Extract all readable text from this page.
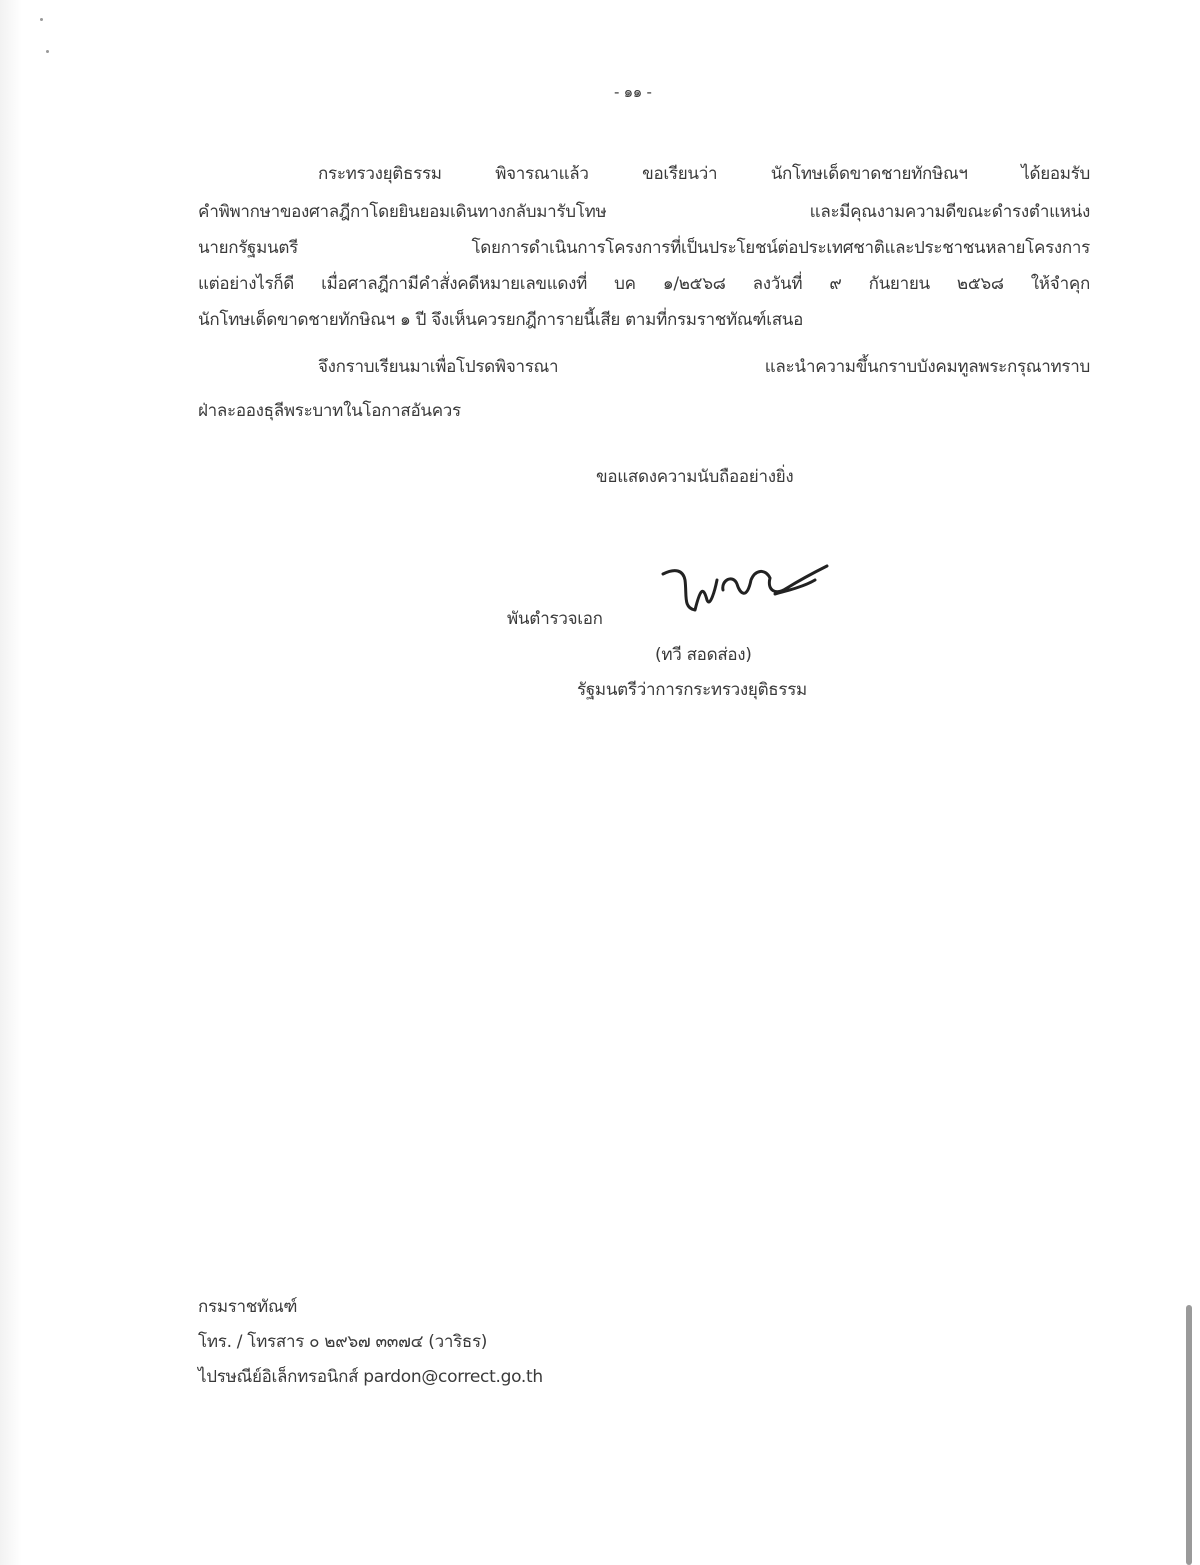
- ๑๑ -
กระทรวงยุติธรรม พิจารณาแล้ว ขอเรียนว่า นักโทษเด็ดขาดชายทักษิณฯ ได้ยอมรับ
คำพิพากษาของศาลฎีกาโดยยินยอมเดินทางกลับมารับโทษ และมีคุณงามความดีขณะดำรงตำแหน่ง
นายกรัฐมนตรี โดยการดำเนินการโครงการที่เป็นประโยชน์ต่อประเทศชาติและประชาชนหลายโครงการ
แต่อย่างไรก็ดี เมื่อศาลฎีกามีคำสั่งคดีหมายเลขแดงที่ บค ๑/๒๕๖๘ ลงวันที่ ๙ กันยายน ๒๕๖๘ ให้จำคุก
นักโทษเด็ดขาดชายทักษิณฯ ๑ ปี จึงเห็นควรยกฎีการายนี้เสีย ตามที่กรมราชทัณฑ์เสนอ
จึงกราบเรียนมาเพื่อโปรดพิจารณา และนำความขึ้นกราบบังคมทูลพระกรุณาทราบ
ฝ่าละอองธุลีพระบาทในโอกาสอันควร
ขอแสดงความนับถืออย่างยิ่ง
พันตำรวจเอก
(ทวี สอดส่อง)
รัฐมนตรีว่าการกระทรวงยุติธรรม
กรมราชทัณฑ์
โทร. / โทรสาร ๐ ๒๙๖๗ ๓๓๗๔ (วาริธร)
ไปรษณีย์อิเล็กทรอนิกส์ pardon@correct.go.th
